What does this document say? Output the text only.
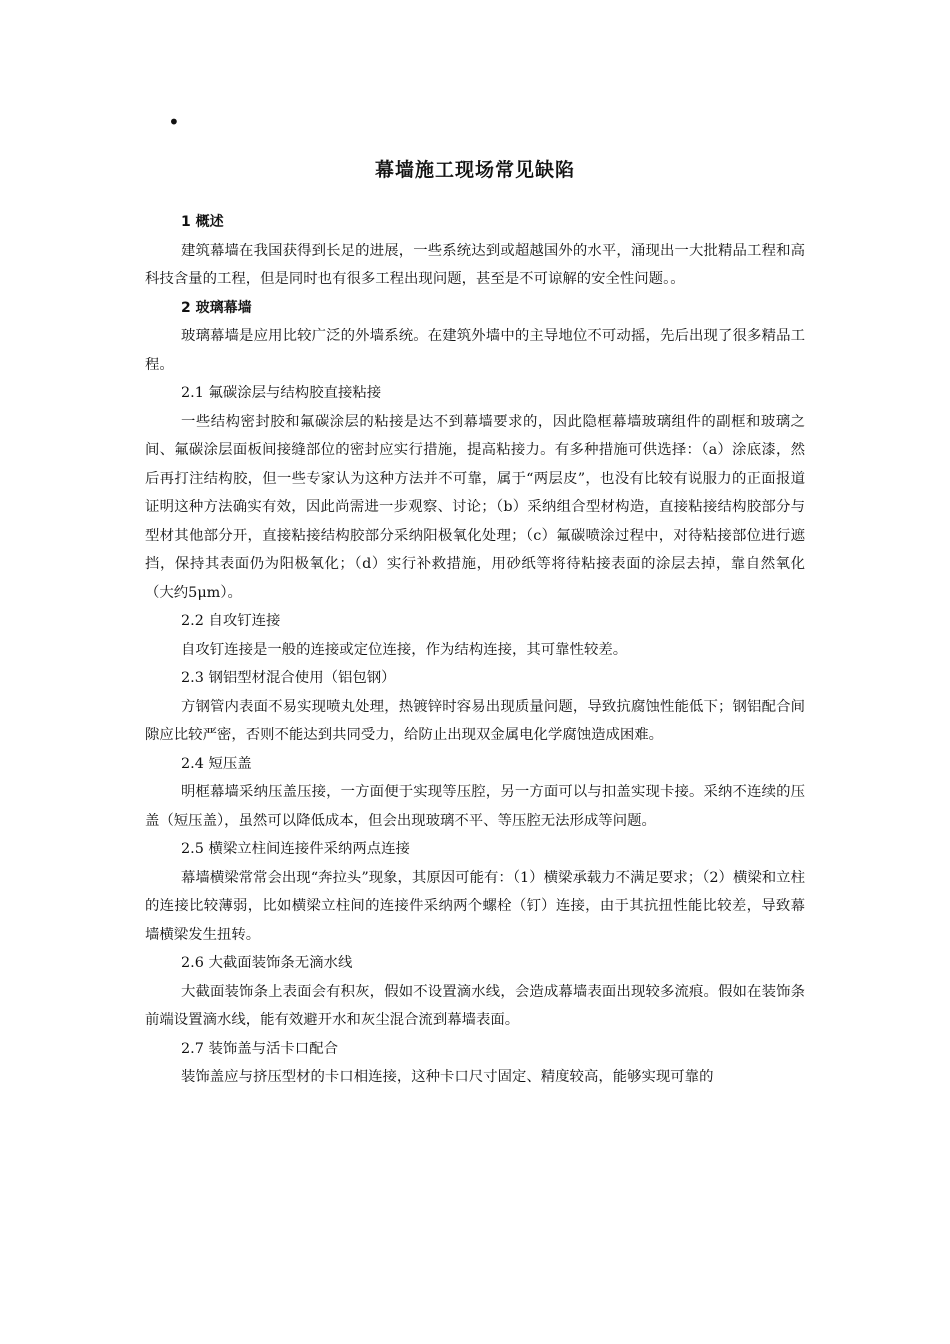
•
幕墙施工现场常见缺陷
1 概述

建筑幕墙在我国获得到长足的进展，一些系统达到或超越国外的水平，涌现出一大批精品工程和高科技含量的工程，但是同时也有很多工程出现问题，甚至是不可谅解的安全性问题。。

2 玻璃幕墙

玻璃幕墙是应用比较广泛的外墙系统。在建筑外墙中的主导地位不可动摇，先后出现了很多精品工程。

2.1 氟碳涂层与结构胶直接粘接

一些结构密封胶和氟碳涂层的粘接是达不到幕墙要求的，因此隐框幕墙玻璃组件的副框和玻璃之间、氟碳涂层面板间接缝部位的密封应实行措施，提高粘接力。有多种措施可供选择：（a）涂底漆，然后再打注结构胶，但一些专家认为这种方法并不可靠，属于“两层皮”，也没有比较有说服力的正面报道证明这种方法确实有效，因此尚需进一步观察、讨论；（b）采纳组合型材构造，直接粘接结构胶部分与型材其他部分开，直接粘接结构胶部分采纳阳极氧化处理；（c）氟碳喷涂过程中，对待粘接部位进行遮挡，保持其表面仍为阳极氧化；（d）实行补救措施，用砂纸等将待粘接表面的涂层去掉，靠自然氧化（大约5μm）。

2.2 自攻钉连接

自攻钉连接是一般的连接或定位连接，作为结构连接，其可靠性较差。

2.3 钢铝型材混合使用（铝包钢）

方钢管内表面不易实现喷丸处理，热镀锌时容易出现质量问题，导致抗腐蚀性能低下；钢铝配合间隙应比较严密，否则不能达到共同受力，给防止出现双金属电化学腐蚀造成困难。

2.4 短压盖

明框幕墙采纳压盖压接，一方面便于实现等压腔，另一方面可以与扣盖实现卡接。采纳不连续的压盖（短压盖），虽然可以降低成本，但会出现玻璃不平、等压腔无法形成等问题。

2.5 横梁立柱间连接件采纳两点连接

幕墙横梁常常会出现“奔拉头”现象，其原因可能有：（1）横梁承载力不满足要求；（2）横梁和立柱的连接比较薄弱，比如横梁立柱间的连接件采纳两个螺栓（钉）连接，由于其抗扭性能比较差，导致幕墙横梁发生扭转。

2.6 大截面装饰条无滴水线

大截面装饰条上表面会有积灰，假如不设置滴水线，会造成幕墙表面出现较多流痕。假如在装饰条前端设置滴水线，能有效避开水和灰尘混合流到幕墙表面。

2.7 装饰盖与活卡口配合

装饰盖应与挤压型材的卡口相连接，这种卡口尺寸固定、精度较高，能够实现可靠的
